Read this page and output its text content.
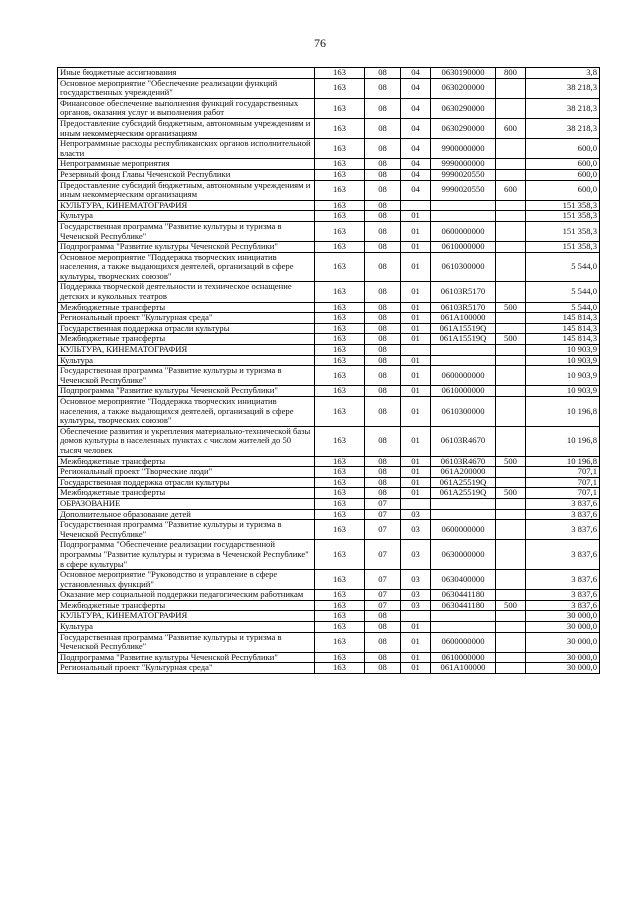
76
Иные бюджетные ассигнования	163	08	04	0630190000	800	3,8
Основное мероприятие "Обеспечение реализации функций государственных учреждений"	163	08	04	0630200000		38 218,3
Финансовое обеспечение выполнения функций государственных органов, оказания услуг и выполнения работ	163	08	04	0630290000		38 218,3
Предоставление субсидий бюджетным, автономным учреждениям и иным некоммерческим организациям	163	08	04	0630290000	600	38 218,3
Непрограммные расходы республиканских органов исполнительной власти	163	08	04	9900000000		600,0
Непрограммные мероприятия	163	08	04	9990000000		600,0
Резервный фонд Главы Чеченской Республики	163	08	04	9990020550		600,0
Предоставление субсидий бюджетным, автономным учреждениям и иным некоммерческим организациям	163	08	04	9990020550	600	600,0
КУЛЬТУРА, КИНЕМАТОГРАФИЯ	163	08				151 358,3
Культура	163	08	01			151 358,3
Государственная программа "Развитие культуры и туризма в Чеченской Республике"	163	08	01	0600000000		151 358,3
Подпрограмма "Развитие культуры Чеченской Республики"	163	08	01	0610000000		151 358,3
Основное мероприятие "Поддержка творческих инициатив населения, а также выдающихся деятелей, организаций в сфере культуры, творческих союзов"	163	08	01	0610300000		5 544,0
Поддержка творческой деятельности и техническое оснащение детских и кукольных театров	163	08	01	06103R5170		5 544,0
Межбюджетные трансферты	163	08	01	06103R5170	500	5 544,0
Региональный проект "Культурная среда"	163	08	01	061A100000		145 814,3
Государственная поддержка отрасли культуры	163	08	01	061A15519Q		145 814,3
Межбюджетные трансферты	163	08	01	061A15519Q	500	145 814,3
КУЛЬТУРА, КИНЕМАТОГРАФИЯ	163	08				10 903,9
Культура	163	08	01			10 903,9
Государственная программа "Развитие культуры и туризма в Чеченской Республике"	163	08	01	0600000000		10 903,9
Подпрограмма "Развитие культуры Чеченской Республики"	163	08	01	0610000000		10 903,9
Основное мероприятие "Поддержка творческих инициатив населения, а также выдающихся деятелей, организаций в сфере культуры, творческих союзов"	163	08	01	0610300000		10 196,8
Обеспечение развития и укрепления материально-технической базы домов культуры в населенных пунктах с числом жителей до 50 тысяч человек	163	08	01	06103R4670		10 196,8
Межбюджетные трансферты	163	08	01	06103R4670	500	10 196,8
Региональный проект "Творческие люди"	163	08	01	061A200000		707,1
Государственная поддержка отрасли культуры	163	08	01	061A25519Q		707,1
Межбюджетные трансферты	163	08	01	061A25519Q	500	707,1
ОБРАЗОВАНИЕ	163	07				3 837,6
Дополнительное образование детей	163	07	03			3 837,6
Государственная программа "Развитие культуры и туризма в Чеченской Республике"	163	07	03	0600000000		3 837,6
Подпрограмма "Обеспечение реализации государственной программы "Развитие культуры и туризма в Чеченской Республике" в сфере культуры"	163	07	03	0630000000		3 837,6
Основное мероприятие "Руководство и управление в сфере установленных функций"	163	07	03	0630400000		3 837,6
Оказание мер социальной поддержки педагогическим работникам	163	07	03	0630441180		3 837,6
Межбюджетные трансферты	163	07	03	0630441180	500	3 837,6
КУЛЬТУРА, КИНЕМАТОГРАФИЯ	163	08				30 000,0
Культура	163	08	01			30 000,0
Государственная программа "Развитие культуры и туризма в Чеченской Республике"	163	08	01	0600000000		30 000,0
Подпрограмма "Развитие культуры Чеченской Республики"	163	08	01	0610000000		30 000,0
Региональный проект "Культурная среда"	163	08	01	061A100000		30 000,0
